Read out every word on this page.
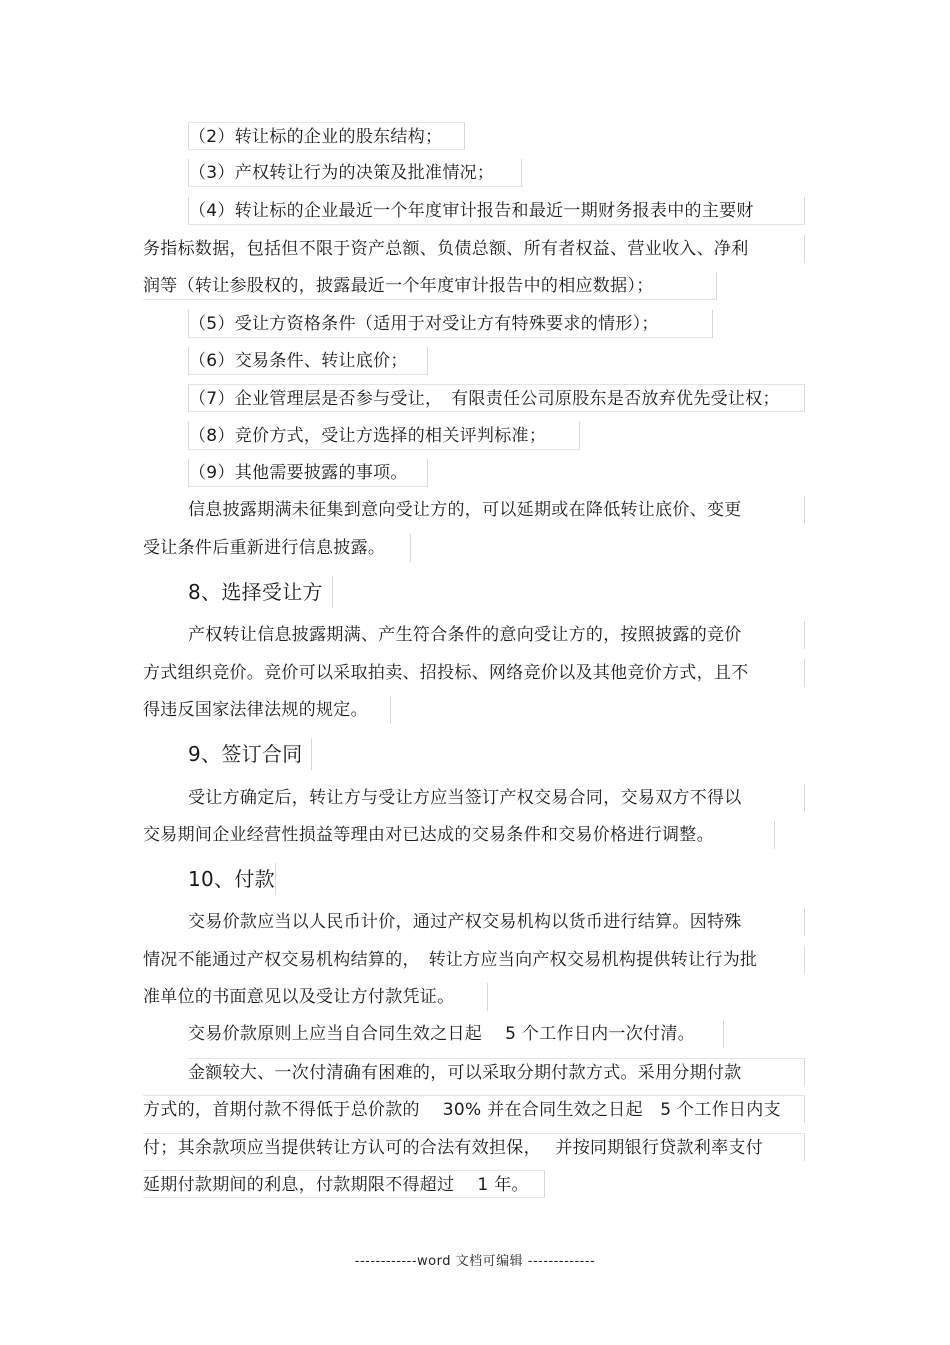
（2）转让标的企业的股东结构；
（3）产权转让行为的决策及批准情况；
（4）转让标的企业最近一个年度审计报告和最近一期财务报表中的主要财
务指标数据，包括但不限于资产总额、负债总额、所有者权益、营业收入、净利
润等（转让参股权的，披露最近一个年度审计报告中的相应数据）；
（5）受让方资格条件（适用于对受让方有特殊要求的情形）；
（6）交易条件、转让底价；
（7）企业管理层是否参与受让，　有限责任公司原股东是否放弃优先受让权；
（8）竞价方式，受让方选择的相关评判标准；
（9）其他需要披露的事项。
信息披露期满未征集到意向受让方的，可以延期或在降低转让底价、变更
受让条件后重新进行信息披露。
8、选择受让方
产权转让信息披露期满、产生符合条件的意向受让方的，按照披露的竞价
方式组织竞价。竞价可以采取拍卖、招投标、网络竞价以及其他竞价方式，且不
得违反国家法律法规的规定。
9、签订合同
受让方确定后，转让方与受让方应当签订产权交易合同，交易双方不得以
交易期间企业经营性损益等理由对已达成的交易条件和交易价格进行调整。
10、付款
交易价款应当以人民币计价，通过产权交易机构以货币进行结算。因特殊
情况不能通过产权交易机构结算的，　转让方应当向产权交易机构提供转让行为批
准单位的书面意见以及受让方付款凭证。
交易价款原则上应当自合同生效之日起　 5 个工作日内一次付清。
金额较大、一次付清确有困难的，可以采取分期付款方式。采用分期付款
方式的，首期付款不得低于总价款的　 30% 并在合同生效之日起　5 个工作日内支
付；其余款项应当提供转让方认可的合法有效担保，　 并按同期银行贷款利率支付
延期付款期间的利息，付款期限不得超过　 1 年。
------------word 文档可编辑 -------------
